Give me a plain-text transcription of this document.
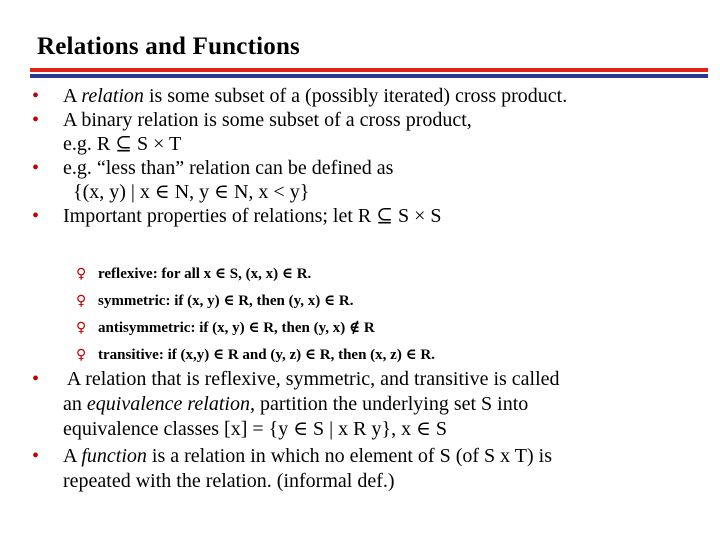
Relations and Functions
• A relation is some subset of a (possibly iterated) cross product.
• A binary relation is some subset of a cross product,
e.g. R ⊆ S × T
• e.g. “less than” relation can be defined as
{(x, y) | x ∈ N, y ∈ N, x < y}
• Important properties of relations; let R ⊆ S × S
♀ reflexive: for all x ∈ S, (x, x) ∈ R.
♀ symmetric: if (x, y) ∈ R, then (y, x) ∈ R.
♀ antisymmetric: if (x, y) ∈ R, then (y, x) ∉ R
♀ transitive: if (x,y) ∈ R and (y, z) ∈ R, then (x, z) ∈ R.
• A relation that is reflexive, symmetric, and transitive is called
an equivalence relation, partition the underlying set S into
equivalence classes [x] = {y ∈ S | x R y}, x ∈ S
• A function is a relation in which no element of S (of S x T) is
repeated with the relation. (informal def.)
